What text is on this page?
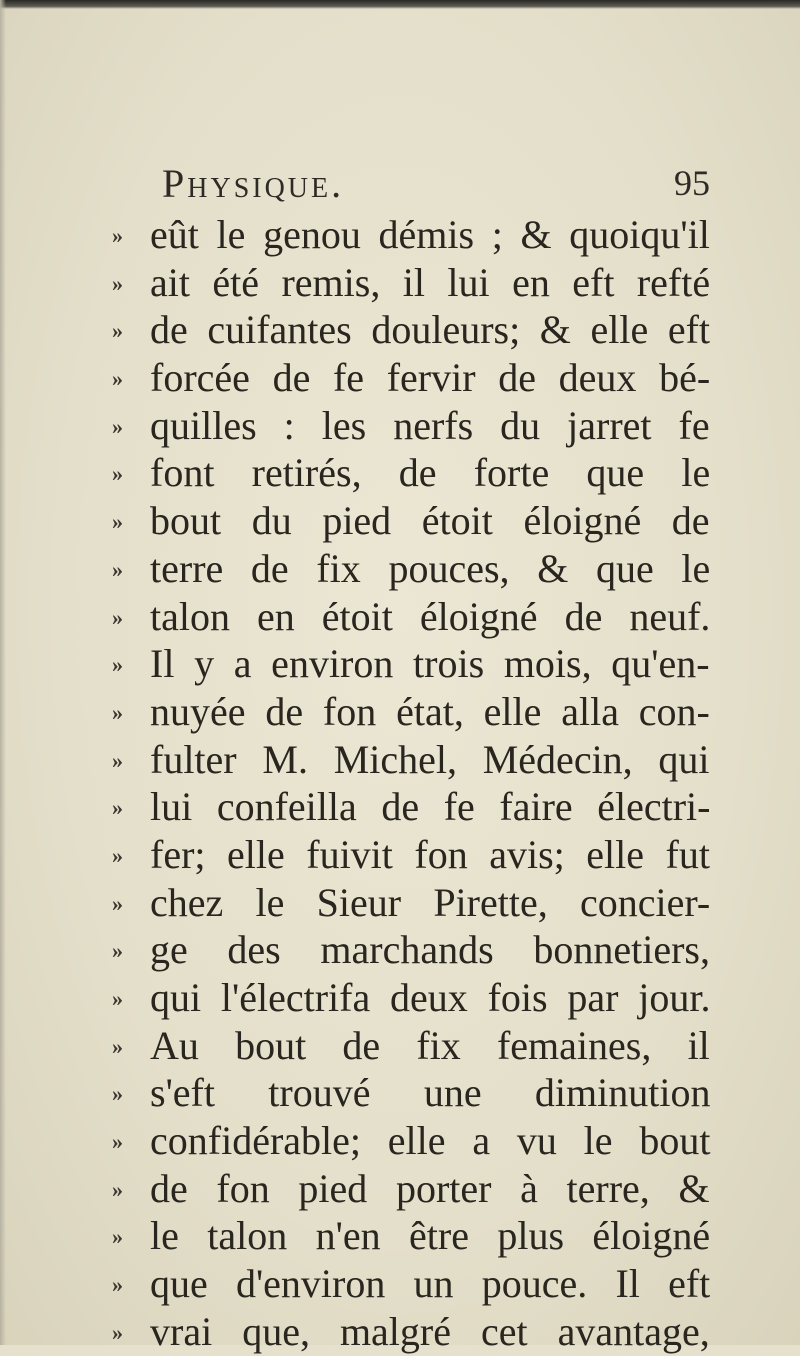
Physique.	95
» eût le genou démis ; & quoiqu'il
» ait été remis, il lui en eft refté
» de cuifantes douleurs; & elle eft
» forcée de fe fervir de deux bé-
» quilles : les nerfs du jarret fe
» font retirés, de forte que le
» bout du pied étoit éloigné de
» terre de fix pouces, & que le
» talon en étoit éloigné de neuf.
» Il y a environ trois mois, qu'en-
» nuyée de fon état, elle alla con-
» fulter M. Michel, Médecin, qui
» lui confeilla de fe faire électri-
» fer; elle fuivit fon avis; elle fut
» chez le Sieur Pirette, concier-
» ge des marchands bonnetiers,
» qui l'électrifa deux fois par jour.
» Au bout de fix femaines, il
» s'eft trouvé une diminution
» confidérable; elle a vu le bout
» de fon pied porter à terre, &
» le talon n'en être plus éloigné
» que d'environ un pouce. Il eft
» vrai que, malgré cet avantage,
